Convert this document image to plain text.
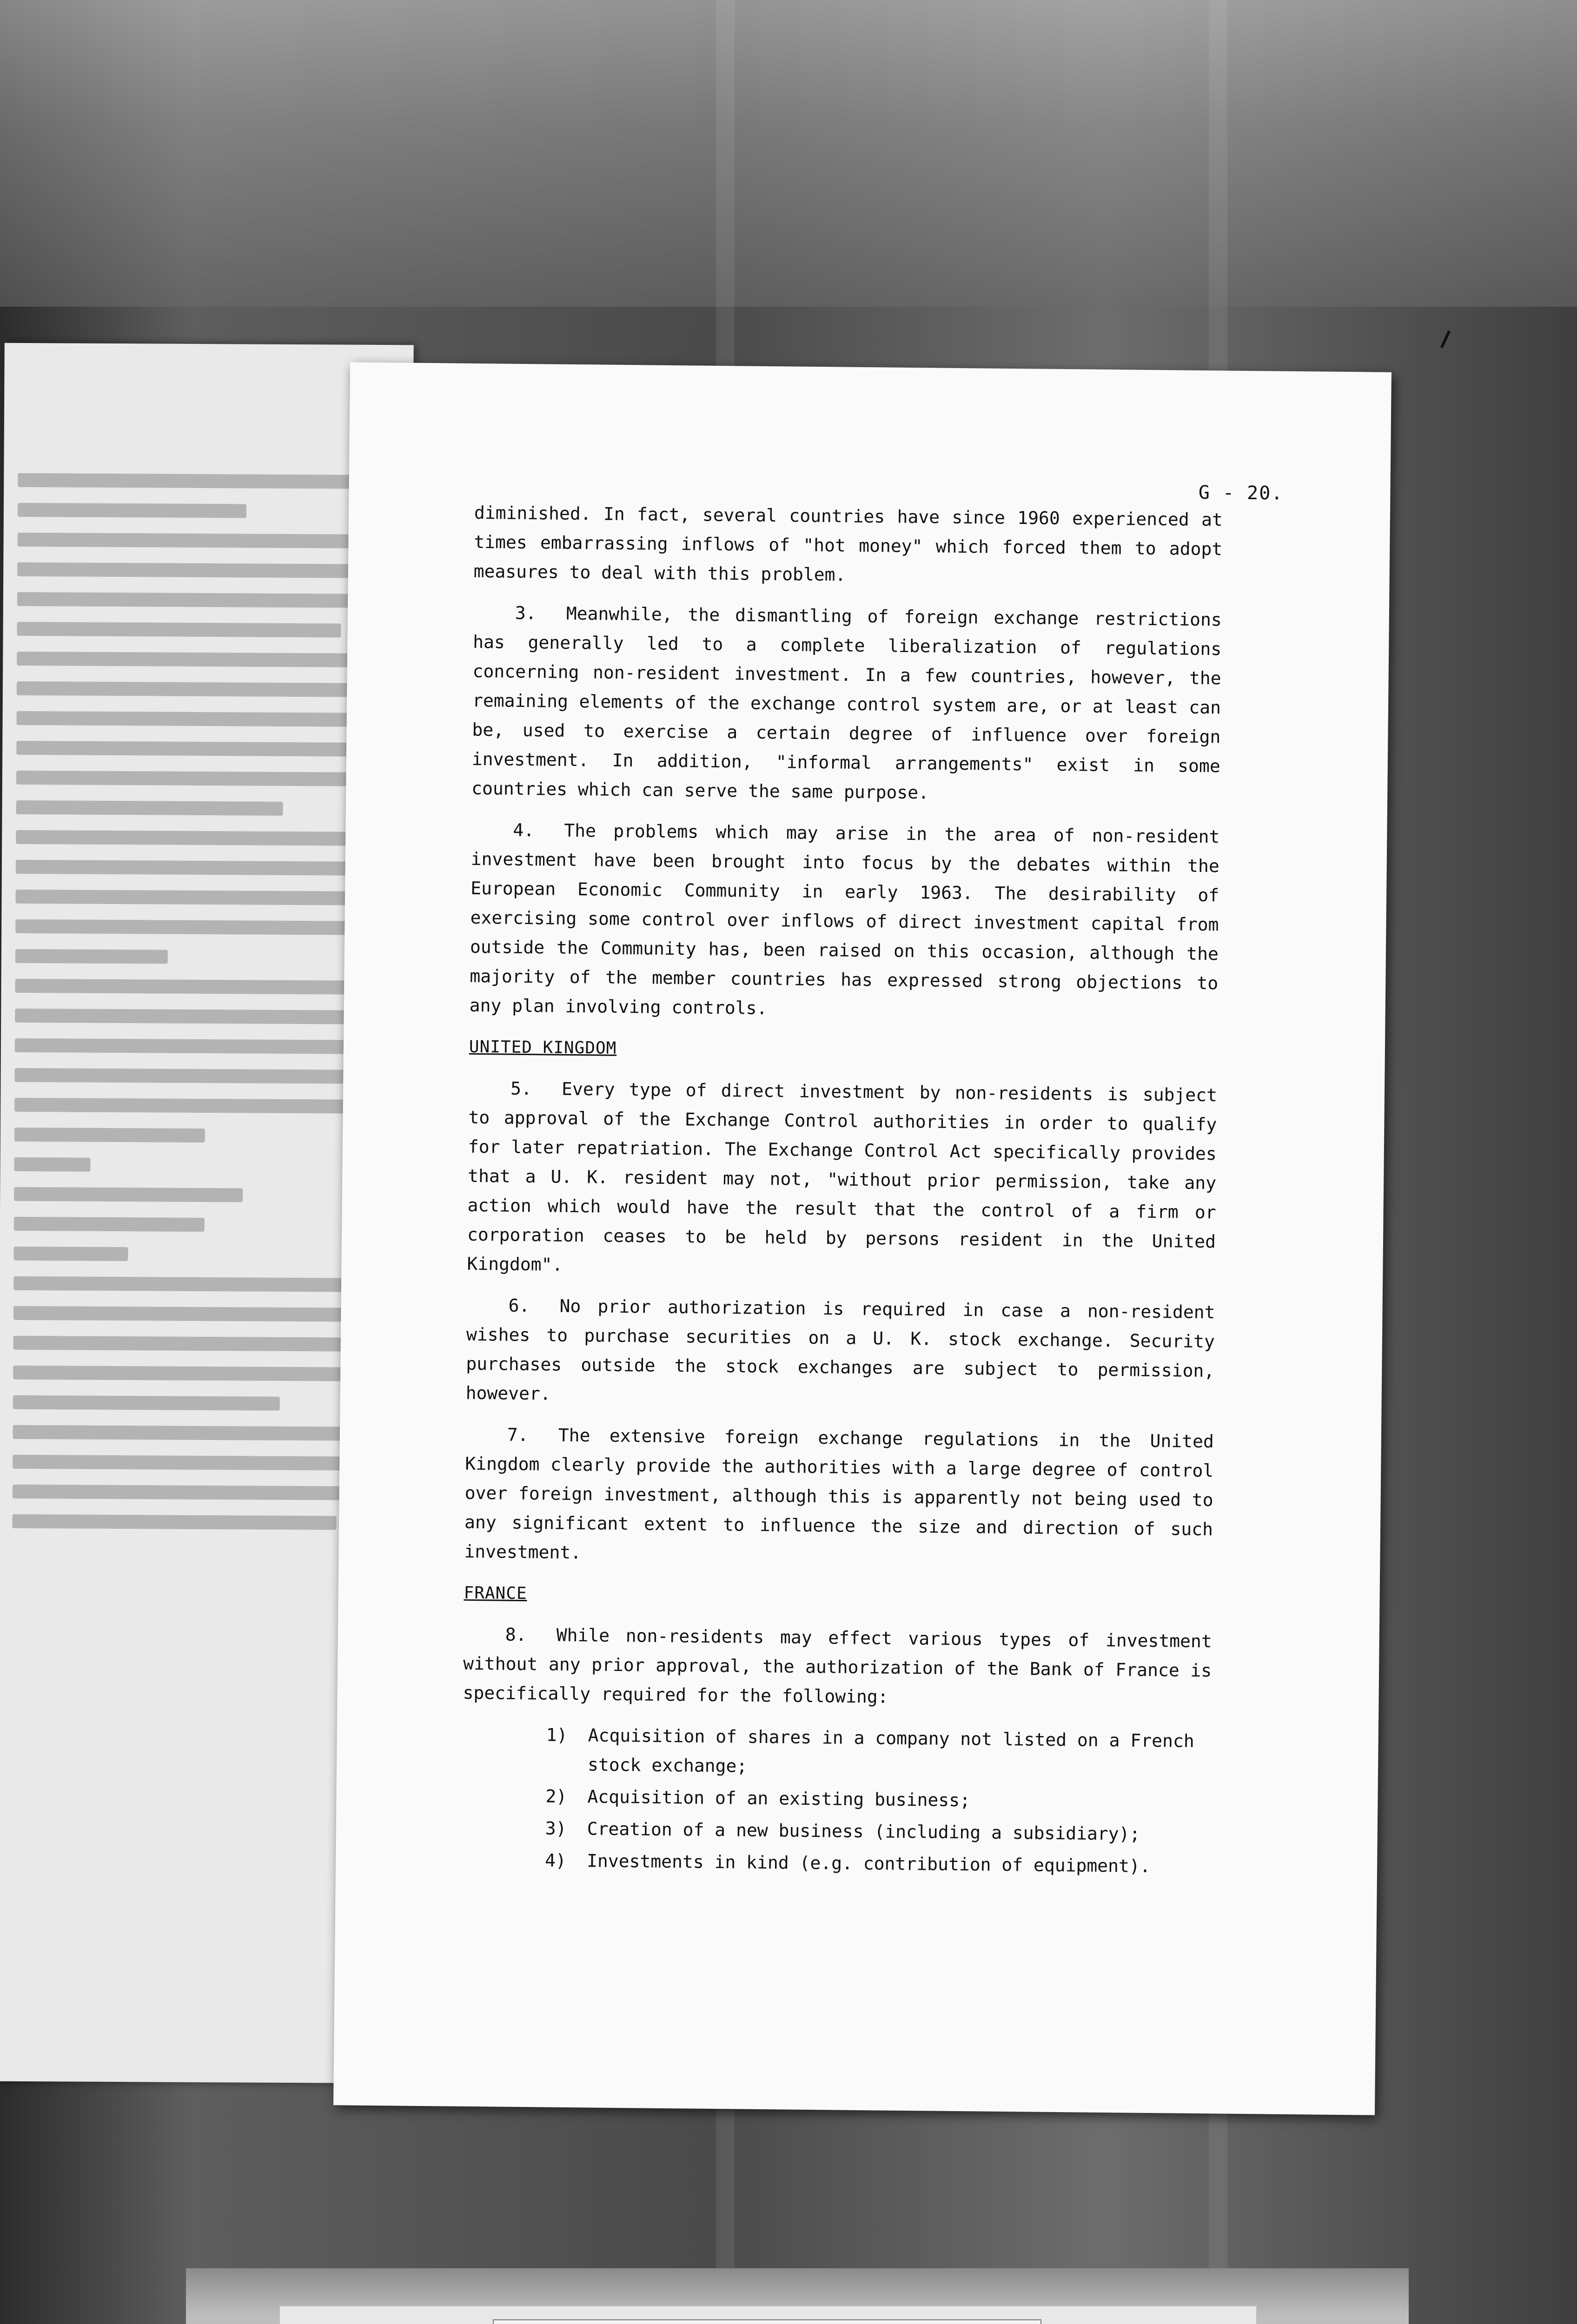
G - 20.

diminished. In fact, several countries have since 1960 experienced at times embarrassing inflows of "hot money" which forced them to adopt measures to deal with this problem.

3. Meanwhile, the dismantling of foreign exchange restrictions has generally led to a complete liberalization of regulations concerning non-resident investment. In a few countries, however, the remaining elements of the exchange control system are, or at least can be, used to exercise a certain degree of influence over foreign investment. In addition, "informal arrangements" exist in some countries which can serve the same purpose.

4. The problems which may arise in the area of non-resident investment have been brought into focus by the debates within the European Economic Community in early 1963. The desirability of exercising some control over inflows of direct investment capital from outside the Community has, been raised on this occasion, although the majority of the member countries has expressed strong objections to any plan involving controls.

UNITED KINGDOM

5. Every type of direct investment by non-residents is subject to approval of the Exchange Control authorities in order to qualify for later repatriation. The Exchange Control Act specifically provides that a U. K. resident may not, "without prior permission, take any action which would have the result that the control of a firm or corporation ceases to be held by persons resident in the United Kingdom".

6. No prior authorization is required in case a non-resident wishes to purchase securities on a U. K. stock exchange. Security purchases outside the stock exchanges are subject to permission, however.

7. The extensive foreign exchange regulations in the United Kingdom clearly provide the authorities with a large degree of control over foreign investment, although this is apparently not being used to any significant extent to influence the size and direction of such investment.

FRANCE

8. While non-residents may effect various types of investment without any prior approval, the authorization of the Bank of France is specifically required for the following:

1)	Acquisition of shares in a company not listed on a French stock exchange;
2)	Acquisition of an existing business;
3)	Creation of a new business (including a subsidiary);
4)	Investments in kind (e.g. contribution of equipment).
